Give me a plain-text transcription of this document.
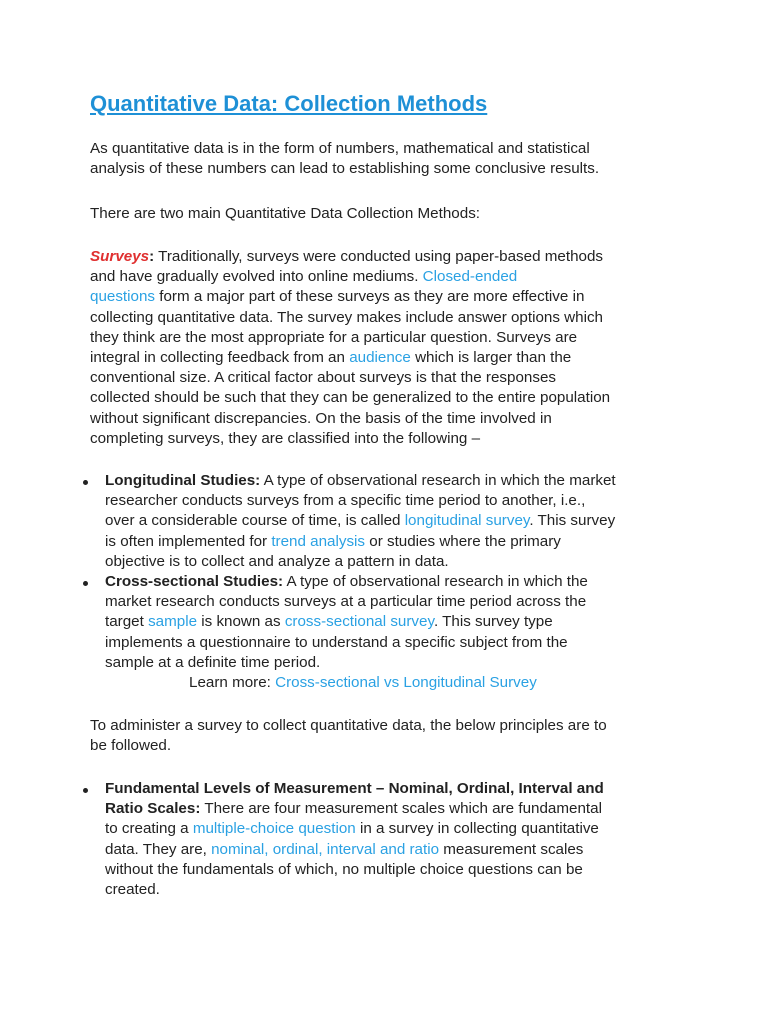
Quantitative Data: Collection Methods

As quantitative data is in the form of numbers, mathematical and statistical
analysis of these numbers can lead to establishing some conclusive results.

There are two main Quantitative Data Collection Methods:

Surveys: Traditionally, surveys were conducted using paper-based methods
and have gradually evolved into online mediums. Closed-ended
questions form a major part of these surveys as they are more effective in
collecting quantitative data. The survey makes include answer options which
they think are the most appropriate for a particular question. Surveys are
integral in collecting feedback from an audience which is larger than the
conventional size. A critical factor about surveys is that the responses
collected should be such that they can be generalized to the entire population
without significant discrepancies. On the basis of the time involved in
completing surveys, they are classified into the following –

Longitudinal Studies: A type of observational research in which the market
researcher conducts surveys from a specific time period to another, i.e.,
over a considerable course of time, is called longitudinal survey. This survey
is often implemented for trend analysis or studies where the primary
objective is to collect and analyze a pattern in data.
Cross-sectional Studies: A type of observational research in which the
market research conducts surveys at a particular time period across the
target sample is known as cross-sectional survey. This survey type
implements a questionnaire to understand a specific subject from the
sample at a definite time period.
Learn more: Cross-sectional vs Longitudinal Survey

To administer a survey to collect quantitative data, the below principles are to
be followed.

Fundamental Levels of Measurement – Nominal, Ordinal, Interval and
Ratio Scales: There are four measurement scales which are fundamental
to creating a multiple-choice question in a survey in collecting quantitative
data. They are, nominal, ordinal, interval and ratio measurement scales
without the fundamentals of which, no multiple choice questions can be
created.
